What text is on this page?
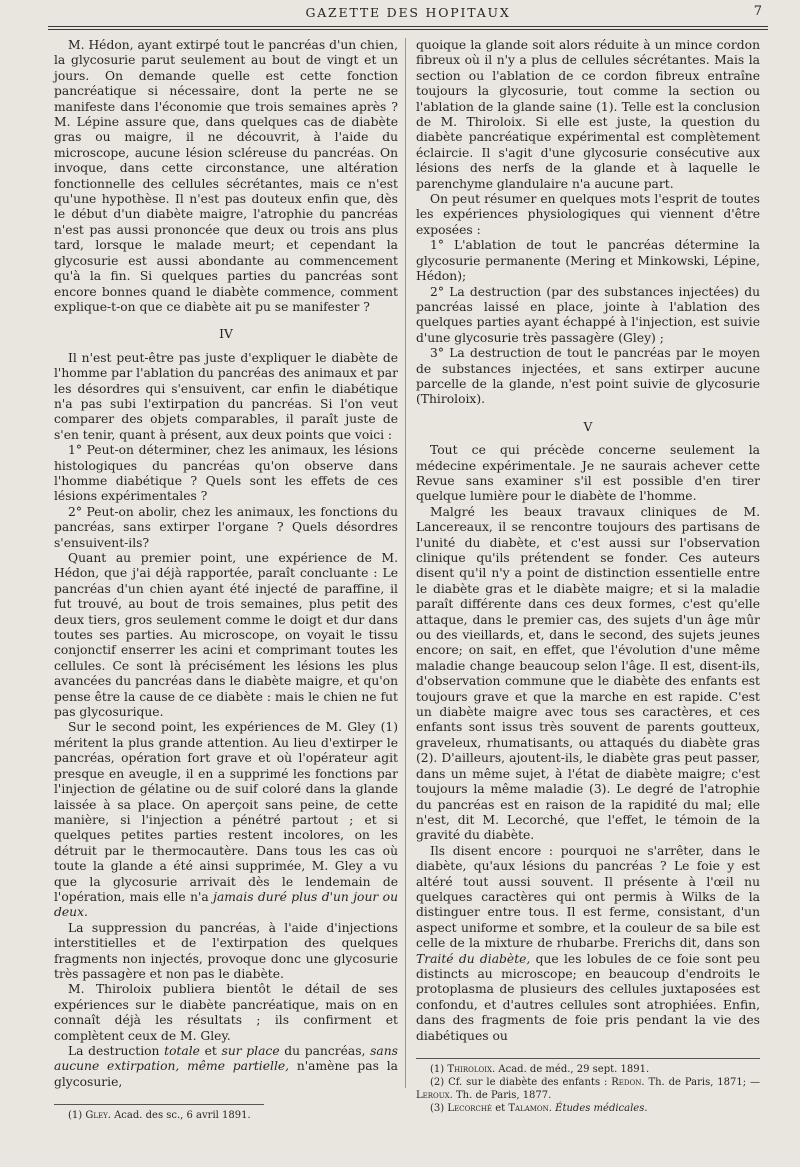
GAZETTE DES HOPITAUX	7

M. Hédon, ayant extirpé tout le pancréas d'un chien, la glycosurie parut seulement au bout de vingt et un jours. On demande quelle est cette fonction pancréatique si nécessaire, dont la perte ne se manifeste dans l'économie que trois semaines après ? M. Lépine assure que, dans quelques cas de diabète gras ou maigre, il ne découvrit, à l'aide du microscope, aucune lésion scléreuse du pancréas. On invoque, dans cette circonstance, une altération fonctionnelle des cellules sécrétantes, mais ce n'est qu'une hypothèse. Il n'est pas douteux enfin que, dès le début d'un diabète maigre, l'atrophie du pancréas n'est pas aussi prononcée que deux ou trois ans plus tard, lorsque le malade meurt; et cependant la glycosurie est aussi abondante au commencement qu'à la fin. Si quelques parties du pancréas sont encore bonnes quand le diabète commence, comment explique-t-on que ce diabète ait pu se manifester ?

IV

Il n'est peut-être pas juste d'expliquer le diabète de l'homme par l'ablation du pancréas des animaux et par les désordres qui s'ensuivent, car enfin le diabétique n'a pas subi l'extirpation du pancréas. Si l'on veut comparer des objets comparables, il paraît juste de s'en tenir, quant à présent, aux deux points que voici :

1° Peut-on déterminer, chez les animaux, les lésions histologiques du pancréas qu'on observe dans l'homme diabétique ? Quels sont les effets de ces lésions expérimentales ?

2° Peut-on abolir, chez les animaux, les fonctions du pancréas, sans extirper l'organe ? Quels désordres s'ensuivent-ils?

Quant au premier point, une expérience de M. Hédon, que j'ai déjà rapportée, paraît concluante : Le pancréas d'un chien ayant été injecté de paraffine, il fut trouvé, au bout de trois semaines, plus petit des deux tiers, gros seulement comme le doigt et dur dans toutes ses parties. Au microscope, on voyait le tissu conjonctif enserrer les acini et comprimant toutes les cellules. Ce sont là précisément les lésions les plus avancées du pancréas dans le diabète maigre, et qu'on pense être la cause de ce diabète : mais le chien ne fut pas glycosurique.

Sur le second point, les expériences de M. Gley (1) méritent la plus grande attention. Au lieu d'extirper le pancréas, opération fort grave et où l'opérateur agit presque en aveugle, il en a supprimé les fonctions par l'injection de gélatine ou de suif coloré dans la glande laissée à sa place. On aperçoit sans peine, de cette manière, si l'injection a pénétré partout ; et si quelques petites parties restent incolores, on les détruit par le thermocautère. Dans tous les cas où toute la glande a été ainsi supprimée, M. Gley a vu que la glycosurie arrivait dès le lendemain de l'opération, mais elle n'a jamais duré plus d'un jour ou deux.

La suppression du pancréas, à l'aide d'injections interstitielles et de l'extirpation des quelques fragments non injectés, provoque donc une glycosurie très passagère et non pas le diabète.

M. Thiroloix publiera bientôt le détail de ses expériences sur le diabète pancréatique, mais on en connaît déjà les résultats ; ils confirment et complètent ceux de M. Gley.

La destruction totale et sur place du pancréas, sans aucune extirpation, même partielle, n'amène pas la glycosurie,

(1) Gley. Acad. des sc., 6 avril 1891.

quoique la glande soit alors réduite à un mince cordon fibreux où il n'y a plus de cellules sécrétantes. Mais la section ou l'ablation de ce cordon fibreux entraîne toujours la glycosurie, tout comme la section ou l'ablation de la glande saine (1). Telle est la conclusion de M. Thiroloix. Si elle est juste, la question du diabète pancréatique expérimental est complètement éclaircie. Il s'agit d'une glycosurie consécutive aux lésions des nerfs de la glande et à laquelle le parenchyme glandulaire n'a aucune part.

On peut résumer en quelques mots l'esprit de toutes les expériences physiologiques qui viennent d'être exposées :

1° L'ablation de tout le pancréas détermine la glycosurie permanente (Mering et Minkowski, Lépine, Hédon);

2° La destruction (par des substances injectées) du pancréas laissé en place, jointe à l'ablation des quelques parties ayant échappé à l'injection, est suivie d'une glycosurie très passagère (Gley) ;

3° La destruction de tout le pancréas par le moyen de substances injectées, et sans extirper aucune parcelle de la glande, n'est point suivie de glycosurie (Thiroloix).

V

Tout ce qui précède concerne seulement la médecine expérimentale. Je ne saurais achever cette Revue sans examiner s'il est possible d'en tirer quelque lumière pour le diabète de l'homme.

Malgré les beaux travaux cliniques de M. Lancereaux, il se rencontre toujours des partisans de l'unité du diabète, et c'est aussi sur l'observation clinique qu'ils prétendent se fonder. Ces auteurs disent qu'il n'y a point de distinction essentielle entre le diabète gras et le diabète maigre; et si la maladie paraît différente dans ces deux formes, c'est qu'elle attaque, dans le premier cas, des sujets d'un âge mûr ou des vieillards, et, dans le second, des sujets jeunes encore; on sait, en effet, que l'évolution d'une même maladie change beaucoup selon l'âge. Il est, disent-ils, d'observation commune que le diabète des enfants est toujours grave et que la marche en est rapide. C'est un diabète maigre avec tous ses caractères, et ces enfants sont issus très souvent de parents goutteux, graveleux, rhumatisants, ou attaqués du diabète gras (2). D'ailleurs, ajoutent-ils, le diabète gras peut passer, dans un même sujet, à l'état de diabète maigre; c'est toujours la même maladie (3). Le degré de l'atrophie du pancréas est en raison de la rapidité du mal; elle n'est, dit M. Lecorché, que l'effet, le témoin de la gravité du diabète.

Ils disent encore : pourquoi ne s'arrêter, dans le diabète, qu'aux lésions du pancréas ? Le foie y est altéré tout aussi souvent. Il présente à l'œil nu quelques caractères qui ont permis à Wilks de la distinguer entre tous. Il est ferme, consistant, d'un aspect uniforme et sombre, et la couleur de sa bile est celle de la mixture de rhubarbe. Frerichs dit, dans son Traité du diabète, que les lobules de ce foie sont peu distincts au microscope; en beaucoup d'endroits le protoplasma de plusieurs des cellules juxtaposées est confondu, et d'autres cellules sont atrophiées. Enfin, dans des fragments de foie pris pendant la vie des diabétiques ou

(1) Thiroloix. Acad. de méd., 29 sept. 1891.

(2) Cf. sur le diabète des enfants : Redon. Th. de Paris, 1871; — Leroux. Th. de Paris, 1877.

(3) Lecorché et Talamon. Études médicales.
